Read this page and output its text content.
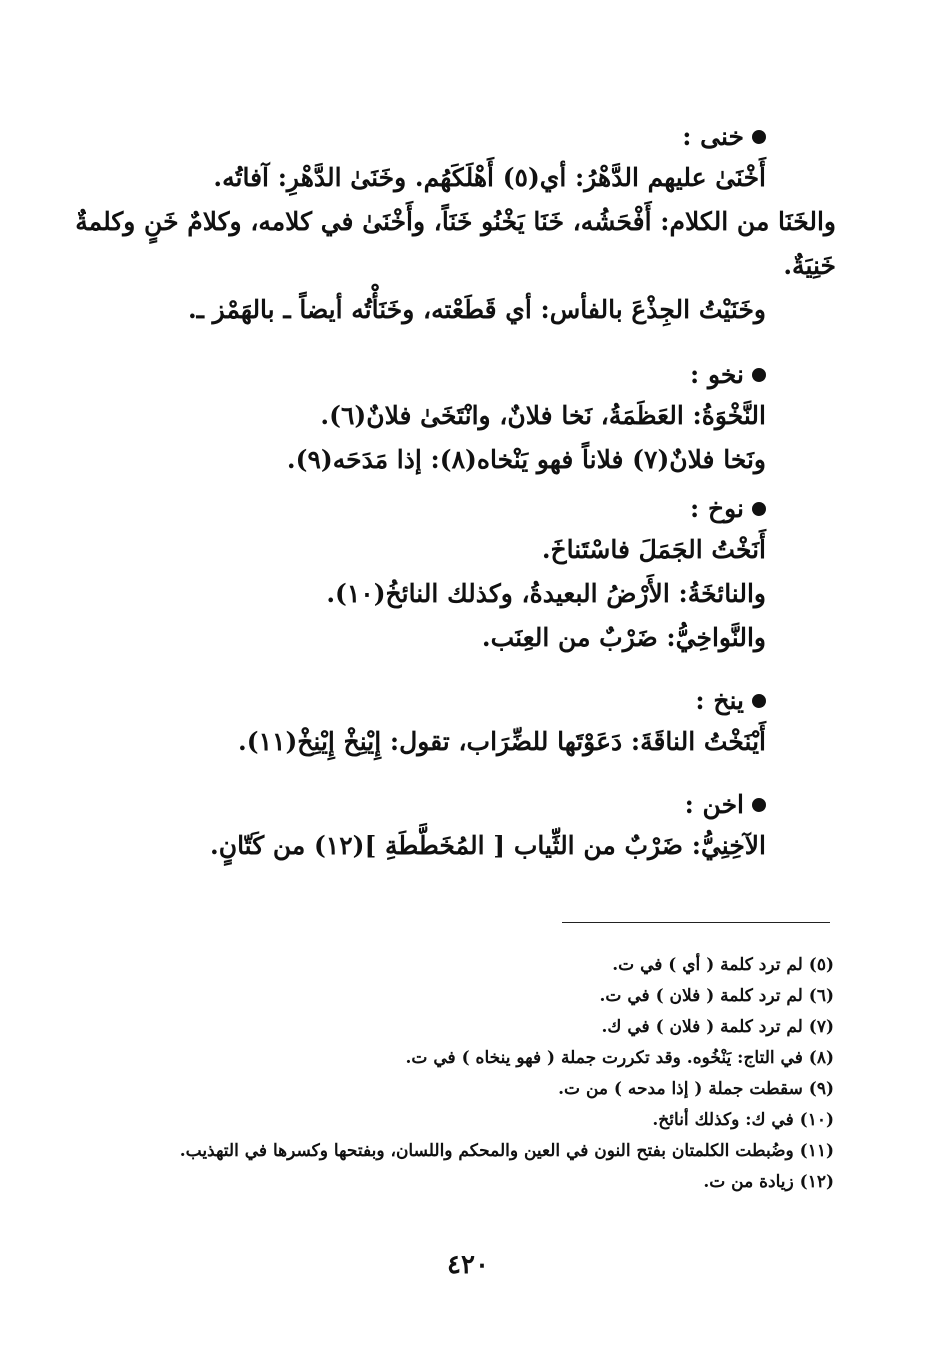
خنى :
أَخْنَىٰ عليهم الدَّهْرُ: أي(٥) أَهْلَكَهُم. وخَنَىٰ الدَّهْرِ: آفاتُه.
والخَنَا من الكلام: أَفْحَشُه، خَنَا يَخْنُو خَنَاً، وأَخْنَىٰ في كلامه، وكلامٌ خَنٍ وكلمةٌ خَنِيَةٌ.
وخَنَيْتُ الجِذْعَ بالفأس: أي قَطَعْته، وخَنَأْتُه أيضاً ـ بالهَمْز ـ.
نخو :
النَّخْوَةُ: العَظَمَةُ، نَخا فلانٌ، وانْتَخَىٰ فلانٌ(٦).
ونَخا فلانٌ(٧) فلاناً فهو يَنْخاه(٨): إذا مَدَحَه(٩).
نوخ :
أَنَخْتُ الجَمَلَ فاسْتَناخَ.
والنائخَةُ: الأَرْضُ البعيدةُ، وكذلك النائخُ(١٠).
والنَّواخِيُّ: ضَرْبٌ من العِنَب.
ينخ :
أَيْنَخْتُ الناقَةَ: دَعَوْتَها للضِّرَاب، تقول: إِيْنِخْ إِيْنِخْ(١١).
اخن :
الآخِنِيُّ: ضَرْبٌ من الثِّياب [ المُخَطَّطَةِ ](١٢) من كَتّانٍ.
(٥) لم ترد كلمة ( أي ) في ت.
(٦) لم ترد كلمة ( فلان ) في ت.
(٧) لم ترد كلمة ( فلان ) في ك.
(٨) في التاج: يَنْخُوه. وقد تكررت جملة ( فهو ينخاه ) في ت.
(٩) سقطت جملة ( إذا مدحه ) من ت.
(١٠) في ك: وكذلك أنائخ.
(١١) وضُبطت الكلمتان بفتح النون في العين والمحكم واللسان، وبفتحها وكسرها في التهذيب.
(١٢) زيادة من ت.
٤٢٠
